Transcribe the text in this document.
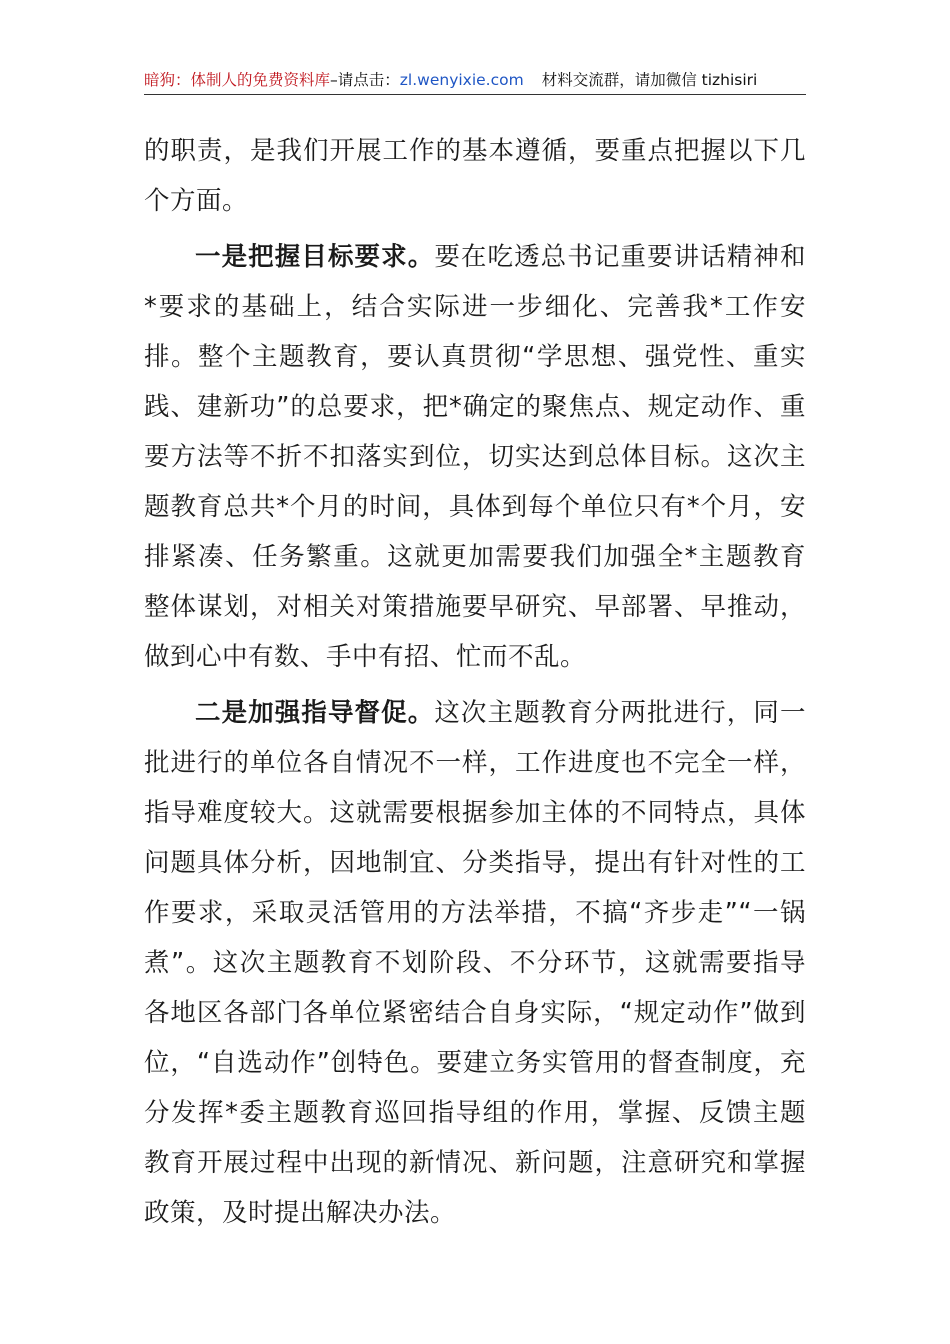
暗狗：体制人的免费资料库–请点击：zl.wenyixie.com 材料交流群，请加微信 tizhisiri

的职责，是我们开展工作的基本遵循，要重点把握以下几个方面。

一是把握目标要求。要在吃透总书记重要讲话精神和*要求的基础上，结合实际进一步细化、完善我*工作安排。整个主题教育，要认真贯彻“学思想、强党性、重实践、建新功”的总要求，把*确定的聚焦点、规定动作、重要方法等不折不扣落实到位，切实达到总体目标。这次主题教育总共*个月的时间，具体到每个单位只有*个月，安排紧凑、任务繁重。这就更加需要我们加强全*主题教育整体谋划，对相关对策措施要早研究、早部署、早推动，做到心中有数、手中有招、忙而不乱。

二是加强指导督促。这次主题教育分两批进行，同一批进行的单位各自情况不一样，工作进度也不完全一样，指导难度较大。这就需要根据参加主体的不同特点，具体问题具体分析，因地制宜、分类指导，提出有针对性的工作要求，采取灵活管用的方法举措，不搞“齐步走”“一锅煮”。这次主题教育不划阶段、不分环节，这就需要指导各地区各部门各单位紧密结合自身实际，“规定动作”做到位，“自选动作”创特色。要建立务实管用的督查制度，充分发挥*委主题教育巡回指导组的作用，掌握、反馈主题教育开展过程中出现的新情况、新问题，注意研究和掌握政策，及时提出解决办法。
